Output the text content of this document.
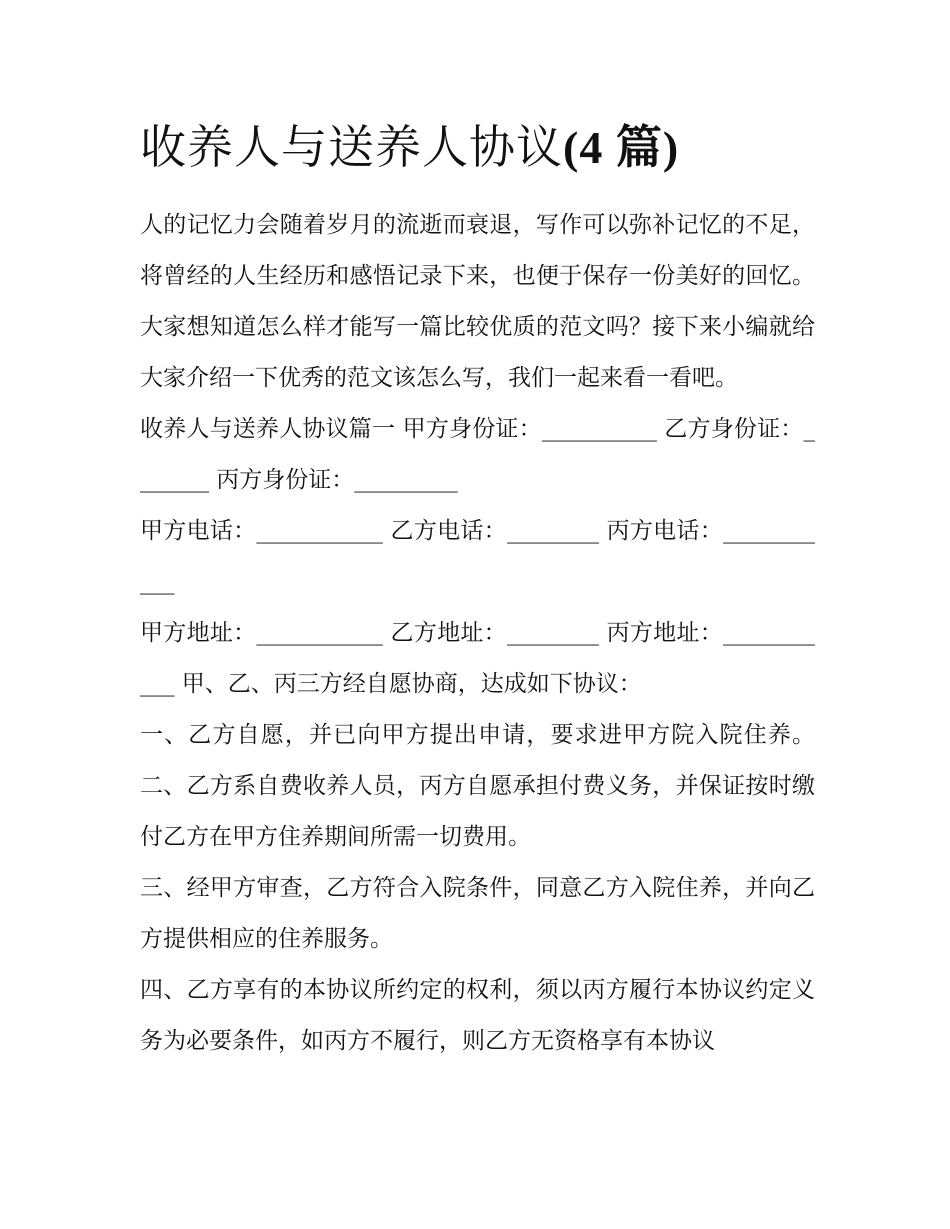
收养人与送养人协议(4 篇)

人的记忆力会随着岁月的流逝而衰退，写作可以弥补记忆的不足，将曾经的人生经历和感悟记录下来，也便于保存一份美好的回忆。大家想知道怎么样才能写一篇比较优质的范文吗？接下来小编就给大家介绍一下优秀的范文该怎么写，我们一起来看一看吧。

收养人与送养人协议篇一 甲方身份证：__________ 乙方身份证：_______ 丙方身份证：_________

甲方电话：___________ 乙方电话：________ 丙方电话：___________

甲方地址：___________ 乙方地址：________ 丙方地址：___________ 甲、乙、丙三方经自愿协商，达成如下协议：

一、乙方自愿，并已向甲方提出申请，要求进甲方院入院住养。 二、乙方系自费收养人员，丙方自愿承担付费义务，并保证按时缴付乙方在甲方住养期间所需一切费用。

三、经甲方审查，乙方符合入院条件，同意乙方入院住养，并向乙方提供相应的住养服务。

四、乙方享有的本协议所约定的权利，须以丙方履行本协议约定义务为必要条件，如丙方不履行，则乙方无资格享有本协议
